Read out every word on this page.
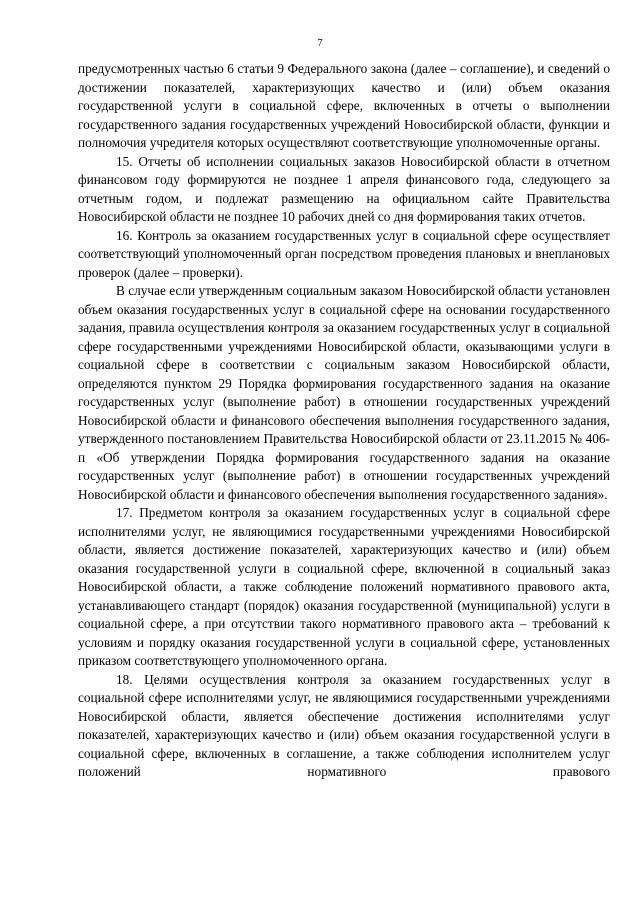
7

предусмотренных частью 6 статьи 9 Федерального закона (далее – соглашение), и сведений о достижении показателей, характеризующих качество и (или) объем оказания государственной услуги в социальной сфере, включенных в отчеты о выполнении государственного задания государственных учреждений Новосибирской области, функции и полномочия учредителя которых осуществляют соответствующие уполномоченные органы.

15. Отчеты об исполнении социальных заказов Новосибирской области в отчетном финансовом году формируются не позднее 1 апреля финансового года, следующего за отчетным годом, и подлежат размещению на официальном сайте Правительства Новосибирской области не позднее 10 рабочих дней со дня формирования таких отчетов.

16. Контроль за оказанием государственных услуг в социальной сфере осуществляет соответствующий уполномоченный орган посредством проведения плановых и внеплановых проверок (далее – проверки).

В случае если утвержденным социальным заказом Новосибирской области установлен объем оказания государственных услуг в социальной сфере на основании государственного задания, правила осуществления контроля за оказанием государственных услуг в социальной сфере государственными учреждениями Новосибирской области, оказывающими услуги в социальной сфере в соответствии с социальным заказом Новосибирской области, определяются пунктом 29 Порядка формирования государственного задания на оказание государственных услуг (выполнение работ) в отношении государственных учреждений Новосибирской области и финансового обеспечения выполнения государственного задания, утвержденного постановлением Правительства Новосибирской области от 23.11.2015 № 406-п «Об утверждении Порядка формирования государственного задания на оказание государственных услуг (выполнение работ) в отношении государственных учреждений Новосибирской области и финансового обеспечения выполнения государственного задания».

17. Предметом контроля за оказанием государственных услуг в социальной сфере исполнителями услуг, не являющимися государственными учреждениями Новосибирской области, является достижение показателей, характеризующих качество и (или) объем оказания государственной услуги в социальной сфере, включенной в социальный заказ Новосибирской области, а также соблюдение положений нормативного правового акта, устанавливающего стандарт (порядок) оказания государственной (муниципальной) услуги в социальной сфере, а при отсутствии такого нормативного правового акта – требований к условиям и порядку оказания государственной услуги в социальной сфере, установленных приказом соответствующего уполномоченного органа.

18. Целями осуществления контроля за оказанием государственных услуг в социальной сфере исполнителями услуг, не являющимися государственными учреждениями Новосибирской области, является обеспечение достижения исполнителями услуг показателей, характеризующих качество и (или) объем оказания государственной услуги в социальной сфере, включенных в соглашение, а также соблюдения исполнителем услуг положений нормативного правового
